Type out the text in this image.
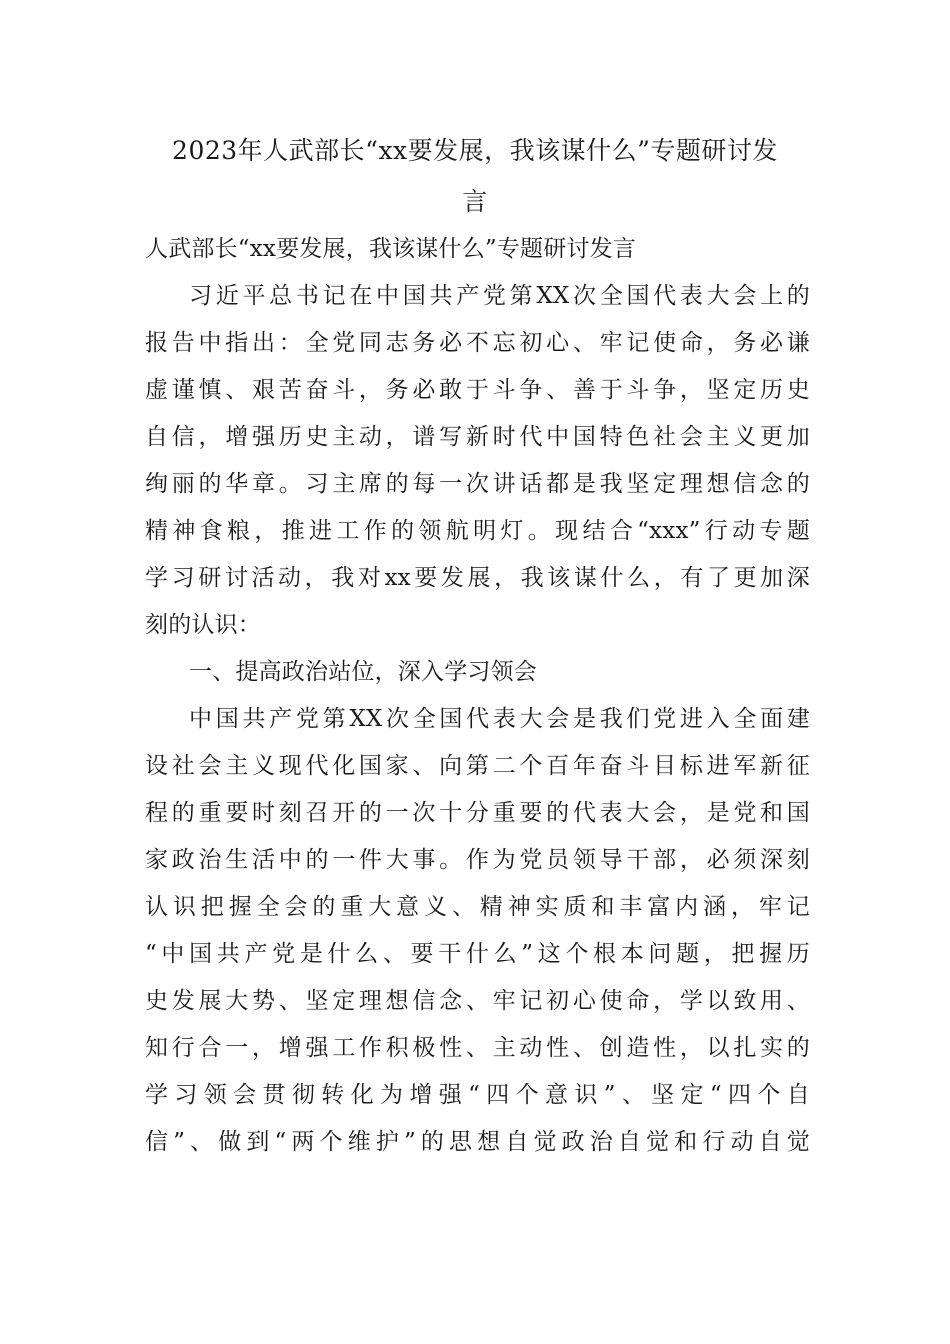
2023年人武部长“xx要发展，我该谋什么”专题研讨发
言
人武部长“xx要发展，我该谋什么”专题研讨发言
习近平总书记在中国共产党第XX次全国代表大会上的
报告中指出：全党同志务必不忘初心、牢记使命，务必谦
虚谨慎、艰苦奋斗，务必敢于斗争、善于斗争，坚定历史
自信，增强历史主动，谱写新时代中国特色社会主义更加
绚丽的华章。习主席的每一次讲话都是我坚定理想信念的
精神食粮，推进工作的领航明灯。现结合“xxx”行动专题
学习研讨活动，我对xx要发展，我该谋什么，有了更加深
刻的认识：
一、提高政治站位，深入学习领会
中国共产党第XX次全国代表大会是我们党进入全面建
设社会主义现代化国家、向第二个百年奋斗目标进军新征
程的重要时刻召开的一次十分重要的代表大会，是党和国
家政治生活中的一件大事。作为党员领导干部，必须深刻
认识把握全会的重大意义、精神实质和丰富内涵，牢记
“中国共产党是什么、要干什么”这个根本问题，把握历
史发展大势、坚定理想信念、牢记初心使命，学以致用、
知行合一，增强工作积极性、主动性、创造性，以扎实的
学习领会贯彻转化为增强“四个意识”、坚定“四个自
信”、做到“两个维护”的思想自觉政治自觉和行动自觉
